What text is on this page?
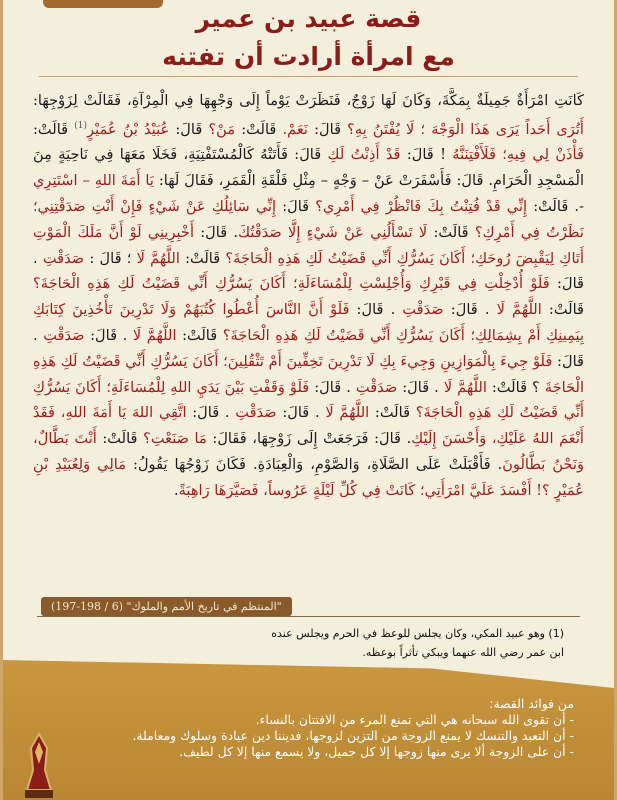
قصة عبيد بن عمير
مع امرأة أرادت أن تفتنه
كَانَتِ امْرَأَةٌ جَمِيلَةٌ بِمَكَّةَ، وَكَانَ لَهَا زَوْجٌ، فَنَظَرَتْ يَوْماً إِلَى وَجْهِهَا فِي الْمِرْآةِ، فَقَالَتْ لِزَوْجِهَا: أَتُرَى أَحَداً يَرَى هَذَا الْوَجْهَ ؛ لَا يُفْتَنُ بِهِ؟ قَالَ: نَعَمْ. قَالَتْ: مَنْ؟ قَالَ: عُبَيْدُ بْنُ عُمَيْرٍ$^{(1)}$ قَالَتْ: فَأْذَنْ لِي فِيهِ؛ فَلَأَفْتِنَنَّهُ ! قَالَ: قَدْ أَذِنْتُ لَكِ قَالَ: فَأَتَتْهُ كَالْمُسْتَفْتِيَةِ، فَخَلَا مَعَهَا فِي نَاحِيَةٍ مِنَ الْمَسْجِدِ الْحَرَامِ. قَالَ: فَأَسْفَرَتْ عَنْ – وَجْهٍ – مِثْلِ فَلْقَةِ الْقَمَرِ، فَقَالَ لَهَا: يَا أَمَةَ اللهِ – اسْتَتِرِي -. قَالَتْ: إِنِّي قَدْ فُتِنْتُ بِكَ فَانْظُرْ فِي أَمْرِي؟ قَالَ: إِنِّي سَائِلُكِ عَنْ شَيْءٍ فَإِنْ أَنْتِ صَدَقْتِنِي؛ نَظَرْتُ فِي أَمْرِكِ؟ قَالَتْ: لَا تَسْأَلُنِي عَنْ شَيْءٍ إِلَّا صَدَقْتُكَ. قَالَ: أَخْبِرِينِي لَوْ أَنَّ مَلَكَ الْمَوْتِ أَتَاكِ لِيَقْبِضَ رُوحَكِ؛ أَكَانَ يَسُرُّكِ أَنِّي قَضَيْتُ لَكِ هَذِهِ الْحَاجَةَ؟ قَالَتْ: اللَّهُمَّ لَا ؛ قَالَ : صَدَقْتِ . قَالَ: فَلَوْ أُدْخِلْتِ فِي قَبْرِكِ وَأُجْلِسْتِ لِلْمُسَاءَلَةِ؛ أَكَانَ يَسُرُّكِ أَنِّي قَضَيْتُ لَكِ هَذِهِ الْحَاجَةَ؟ قَالَتْ: اللَّهُمَّ لَا . قَالَ: صَدَقْتِ . قَالَ: فَلَوْ أَنَّ النَّاسَ أُعْطُوا كُتُبَهُمْ وَلَا تَدْرِينَ تَأْخُذِينَ كِتَابَكِ بِيَمِينِكِ أَمْ بِشِمَالِكِ؛ أَكَانَ يَسُرُّكِ أَنِّي قَضَيْتُ لَكِ هَذِهِ الْحَاجَةَ؟ قَالَتْ: اللَّهُمَّ لَا . قَالَ: صَدَقْتِ . قَالَ: فَلَوْ جِيءَ بِالْمَوَازِينِ وَجِيءَ بِكِ لَا تَدْرِينَ تَخِفِّينَ أَمْ تَثْقُلِينَ؛ أَكَانَ يَسُرُّكِ أَنِّي قَضَيْتُ لَكِ هَذِهِ الْحَاجَةَ ؟ قَالَتْ: اللَّهُمَّ لَا . قَالَ: صَدَقْتِ . قَالَ: فَلَوْ وَقَفْتِ بَيْنَ يَدَيِ اللهِ لِلْمُسَاءَلَةِ؛ أَكَانَ يَسُرُّكِ أَنِّي قَضَيْتُ لَكِ هَذِهِ الْحَاجَةَ؟ قَالَتْ: اللَّهُمَّ لَا . قَالَ: صَدَقْتِ . قَالَ: اتَّقِي اللهَ يَا أَمَةَ اللهِ، فَقَدْ أَنْعَمَ اللهُ عَلَيْكِ، وَأَحْسَنَ إِلَيْكِ. قَالَ: فَرَجَعَتْ إِلَى زَوْجِهَا، فَقَالَ: مَا صَنَعْتِ؟ قَالَتْ: أَنْتَ بَطَّالٌ، وَنَحْنُ بَطَّالُونَ. فَأَقْبَلَتْ عَلَى الصَّلَاةِ، وَالصَّوْمِ، وَالْعِبَادَةِ. فَكَانَ زَوْجُهَا يَقُولُ: مَالِي وَلِعُبَيْدِ بْنِ عُمَيْرٍ ؟! أَفْسَدَ عَلَيَّ امْرَأَتِي؛ كَانَتْ فِي كُلِّ لَيْلَةٍ عَرُوساً، فَصَيَّرَهَا رَاهِبَةً.
"المنتظم في تاريخ الأمم والملوك" (6 / 198-197)
(1) وهو عبيد المكي، وكان يجلس للوعظ في الحرم ويجلس عنده
ابن عمر رضي الله عنهما ويبكي تأثراً بوعظه.
من فوائد القصة:
- أن تقوى الله سبحانه هي التي تمنع المرء من الافتتان بالنساء.
- أن التعبد والتنسك لا يمنع الزوجة من التزين لزوجها، فديننا دين عبادة وسلوك ومعاملة.
- أن على الزوجة ألا يرى منها زوجها إلا كل جميل، ولا يسمع منها إلا كل لطيف.
